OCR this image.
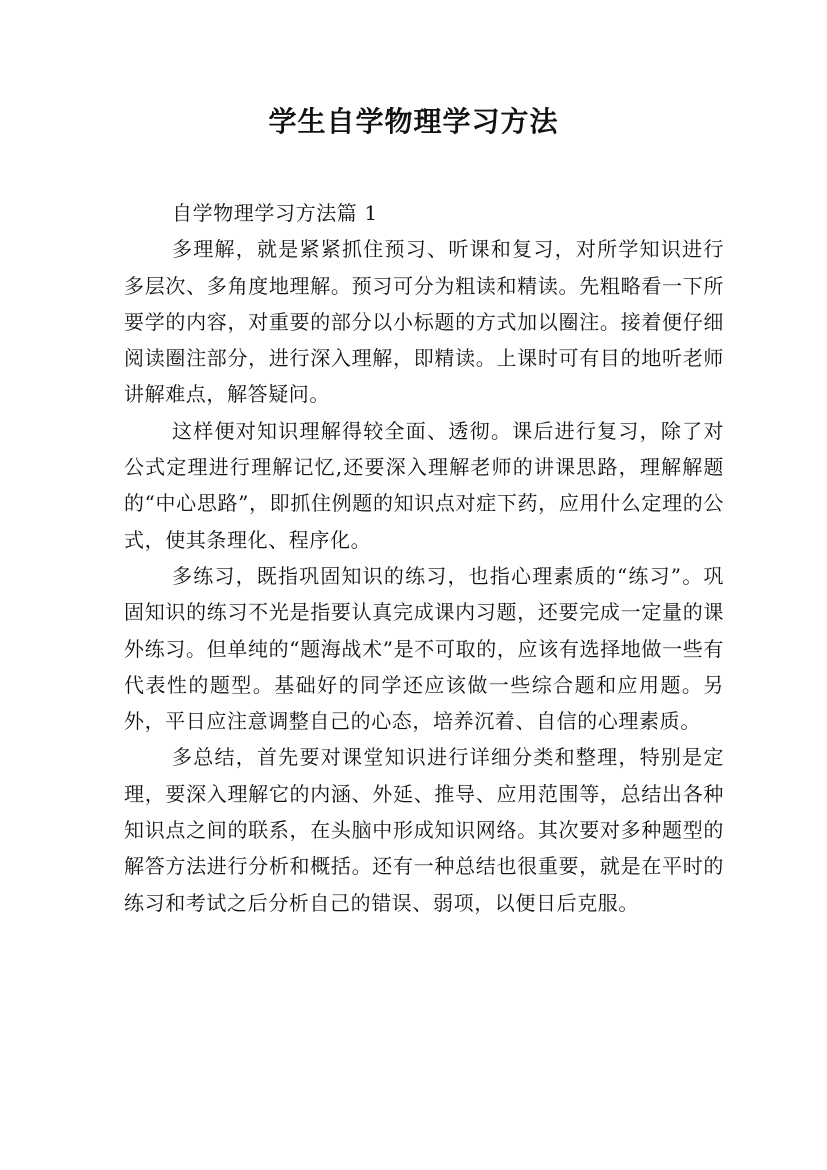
学生自学物理学习方法

自学物理学习方法篇 1

多理解，就是紧紧抓住预习、听课和复习，对所学知识进行多层次、多角度地理解。预习可分为粗读和精读。先粗略看一下所要学的内容，对重要的部分以小标题的方式加以圈注。接着便仔细阅读圈注部分，进行深入理解，即精读。上课时可有目的地听老师讲解难点，解答疑问。

这样便对知识理解得较全面、透彻。课后进行复习，除了对公式定理进行理解记忆,还要深入理解老师的讲课思路，理解解题的“中心思路”，即抓住例题的知识点对症下药，应用什么定理的公式，使其条理化、程序化。

多练习，既指巩固知识的练习，也指心理素质的“练习”。巩固知识的练习不光是指要认真完成课内习题，还要完成一定量的课外练习。但单纯的“题海战术”是不可取的，应该有选择地做一些有代表性的题型。基础好的同学还应该做一些综合题和应用题。另外，平日应注意调整自己的心态，培养沉着、自信的心理素质。

多总结，首先要对课堂知识进行详细分类和整理，特别是定理，要深入理解它的内涵、外延、推导、应用范围等，总结出各种知识点之间的联系，在头脑中形成知识网络。其次要对多种题型的解答方法进行分析和概括。还有一种总结也很重要，就是在平时的练习和考试之后分析自己的错误、弱项，以便日后克服。
